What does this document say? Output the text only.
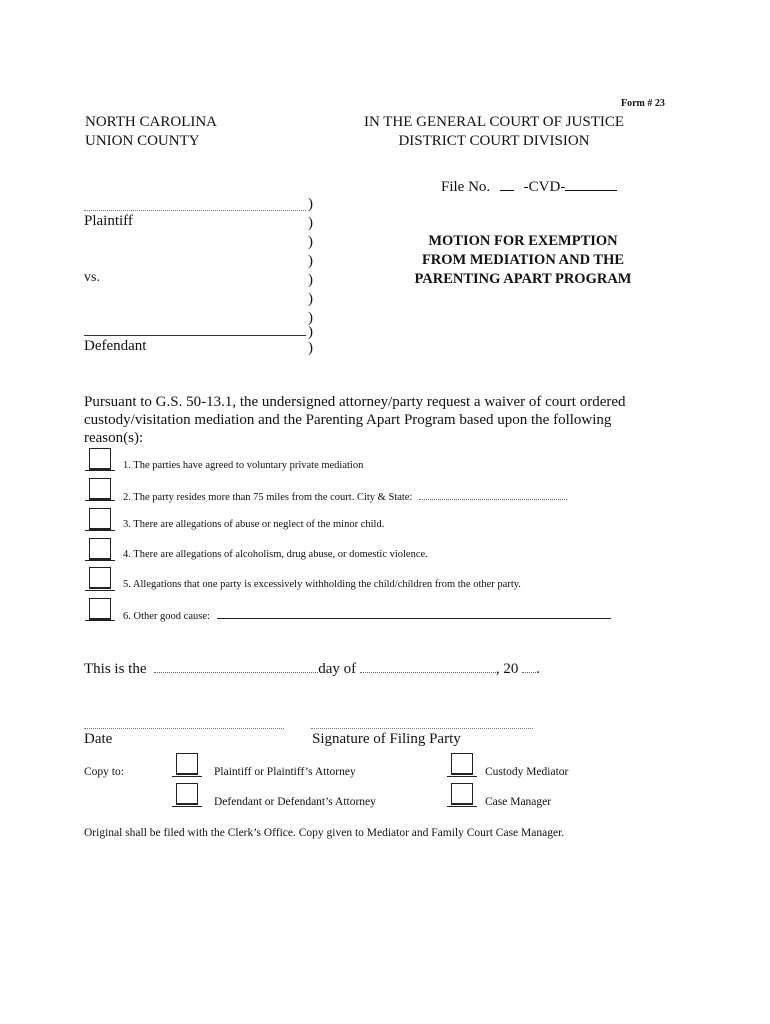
Form # 23
NORTH CAROLINA
UNION COUNTY
IN THE GENERAL COURT OF JUSTICE
DISTRICT COURT DIVISION
File No. -CVD-
Plaintiff
vs.
Defendant
)
)
)
)
)
)
)
)
)
MOTION FOR EXEMPTION
FROM MEDIATION AND THE
PARENTING APART PROGRAM
Pursuant to G.S. 50-13.1, the undersigned attorney/party request a waiver of court ordered custody/visitation mediation and the Parenting Apart Program based upon the following reason(s):
1. The parties have agreed to voluntary private mediation
2. The party resides more than 75 miles from the court. City & State:
3. There are allegations of abuse or neglect of the minor child.
4. There are allegations of alcoholism, drug abuse, or domestic violence.
5. Allegations that one party is excessively withholding the child/children from the other party.
6. Other good cause:
This is the	day of	, 20 .
Date	Signature of Filing Party
Copy to:	Plaintiff or Plaintiff’s Attorney
Defendant or Defendant’s Attorney
Custody Mediator
Case Manager
Original shall be filed with the Clerk’s Office. Copy given to Mediator and Family Court Case Manager.
